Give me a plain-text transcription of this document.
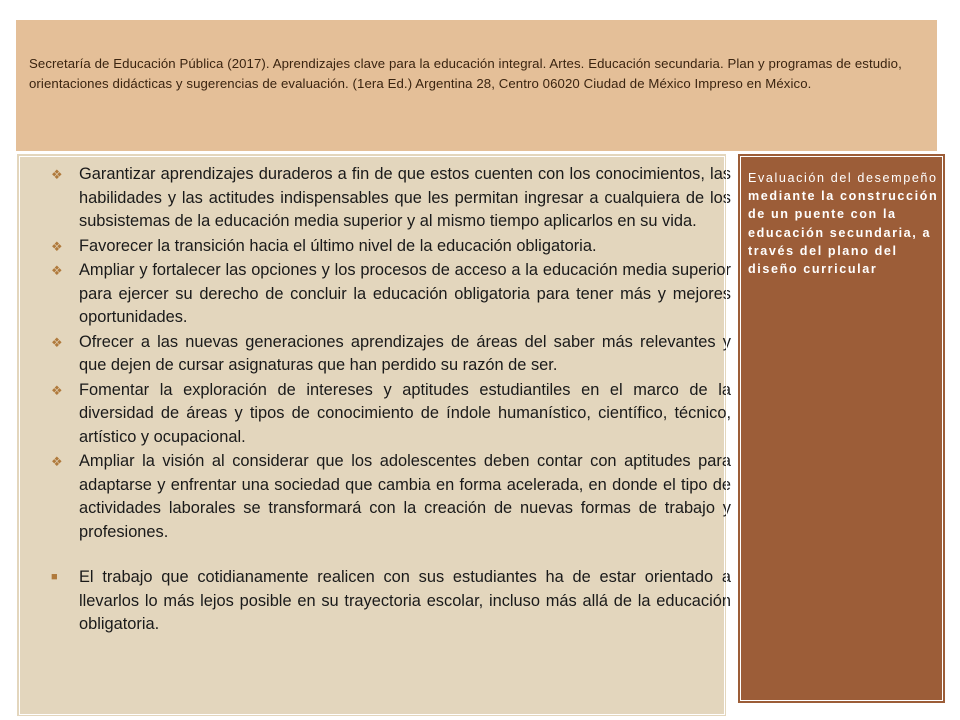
Secretaría de Educación Pública (2017). Aprendizajes clave para la educación integral. Artes. Educación secundaria. Plan y programas de estudio, orientaciones didácticas y sugerencias de evaluación. (1era Ed.) Argentina 28, Centro 06020 Ciudad de México Impreso en México.
❖ Garantizar aprendizajes duraderos a fin de que estos cuenten con los conocimientos, las habilidades y las actitudes indispensables que les permitan ingresar a cualquiera de los subsistemas de la educación media superior y al mismo tiempo aplicarlos en su vida.
❖ Favorecer la transición hacia el último nivel de la educación obligatoria.
❖ Ampliar y fortalecer las opciones y los procesos de acceso a la educación media superior para ejercer su derecho de concluir la educación obligatoria para tener más y mejores oportunidades.
❖ Ofrecer a las nuevas generaciones aprendizajes de áreas del saber más relevantes y que dejen de cursar asignaturas que han perdido su razón de ser.
❖ Fomentar la exploración de intereses y aptitudes estudiantiles en el marco de la diversidad de áreas y tipos de conocimiento de índole humanístico, científico, técnico, artístico y ocupacional.
❖ Ampliar la visión al considerar que los adolescentes deben contar con aptitudes para adaptarse y enfrentar una sociedad que cambia en forma acelerada, en donde el tipo de actividades laborales se transformará con la creación de nuevas formas de trabajo y profesiones.
■	El trabajo que cotidianamente realicen con sus estudiantes ha de estar orientado a llevarlos lo más lejos posible en su trayectoria escolar, incluso más allá de la educación obligatoria.
Evaluación del desempeño mediante la construcción de un puente con la educación secundaria, a través del plano del diseño curricular
